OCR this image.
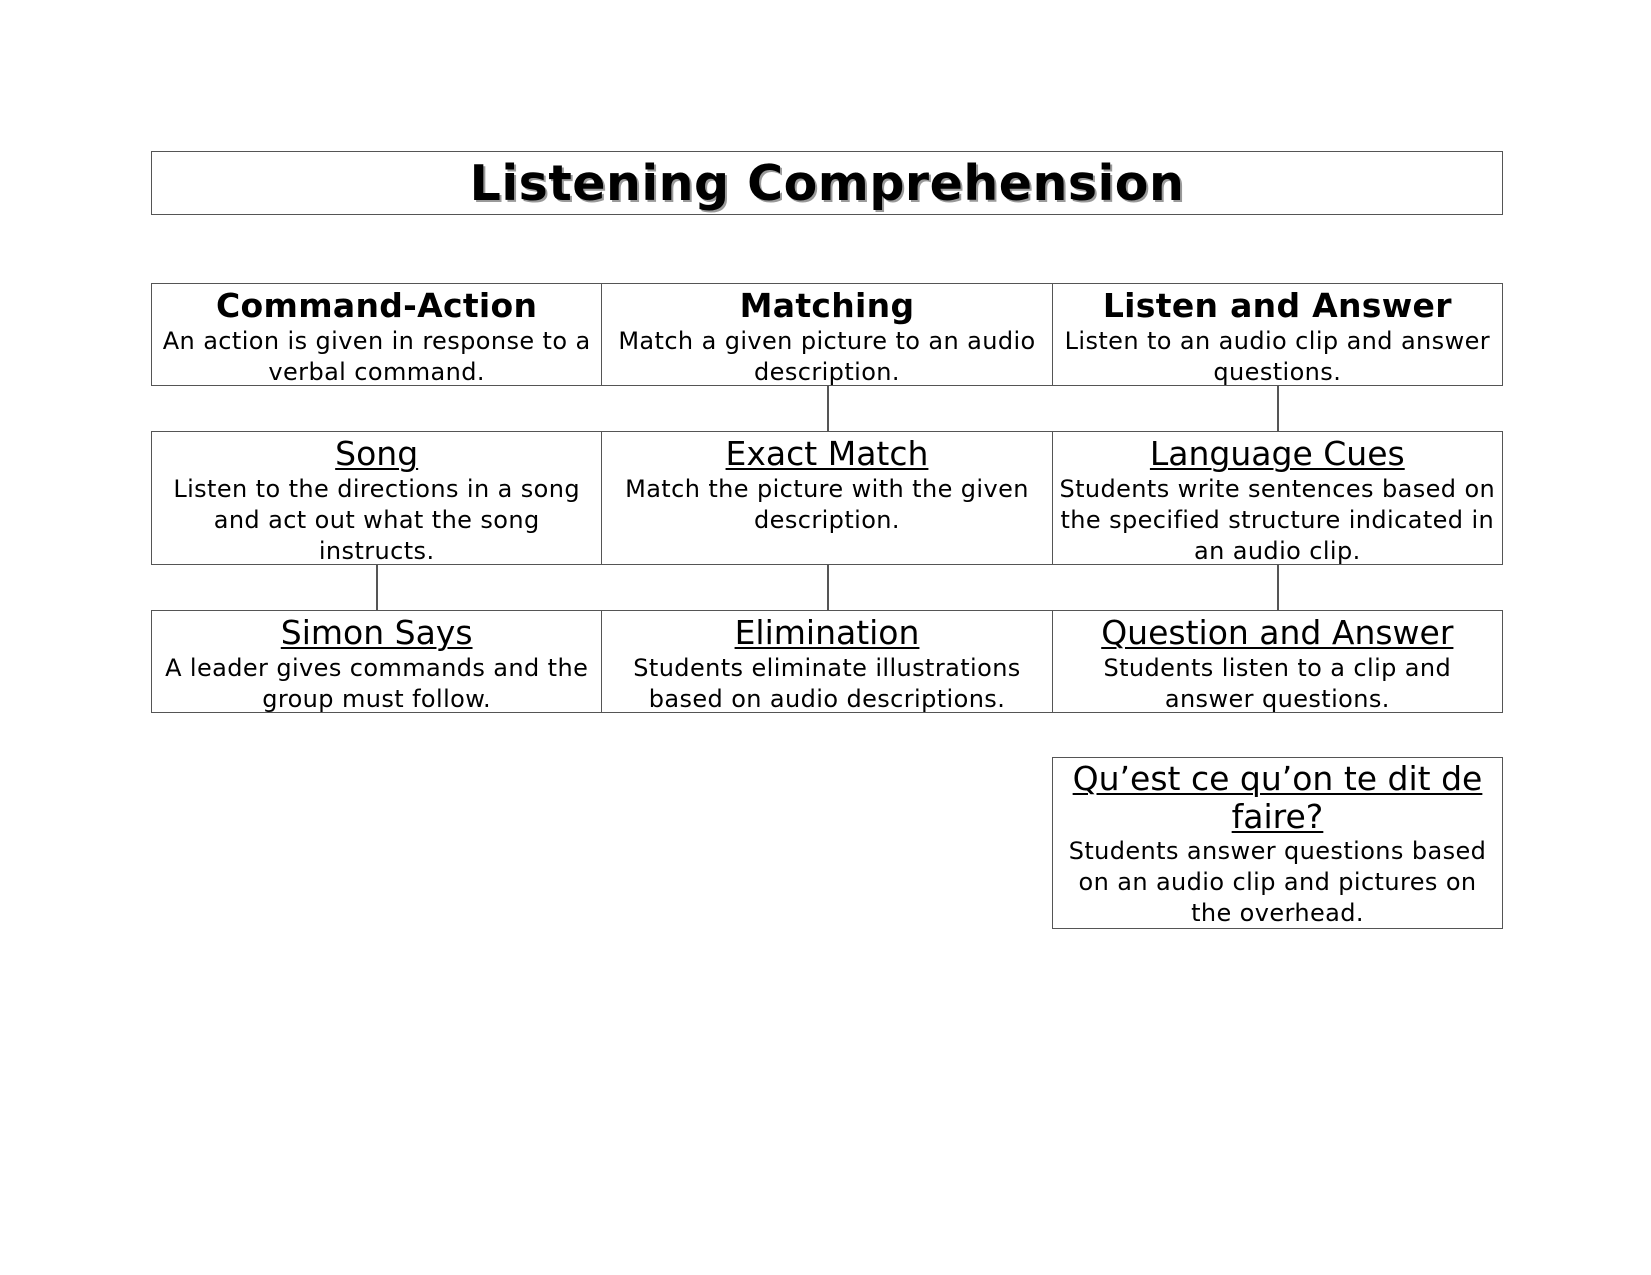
Listening Comprehension
Command-Action
An action is given in response to a verbal command.
Matching
Match a given picture to an audio description.
Listen and Answer
Listen to an audio clip and answer questions.
Song
Listen to the directions in a song and act out what the song instructs.
Exact Match
Match the picture with the given description.
Language Cues
Students write sentences based on the specified structure indicated in an audio clip.
Simon Says
A leader gives commands and the group must follow.
Elimination
Students eliminate illustrations based on audio descriptions.
Question and Answer
Students listen to a clip and answer questions.
Qu’est ce qu’on te dit de faire?
Students answer questions based on an audio clip and pictures on the overhead.
